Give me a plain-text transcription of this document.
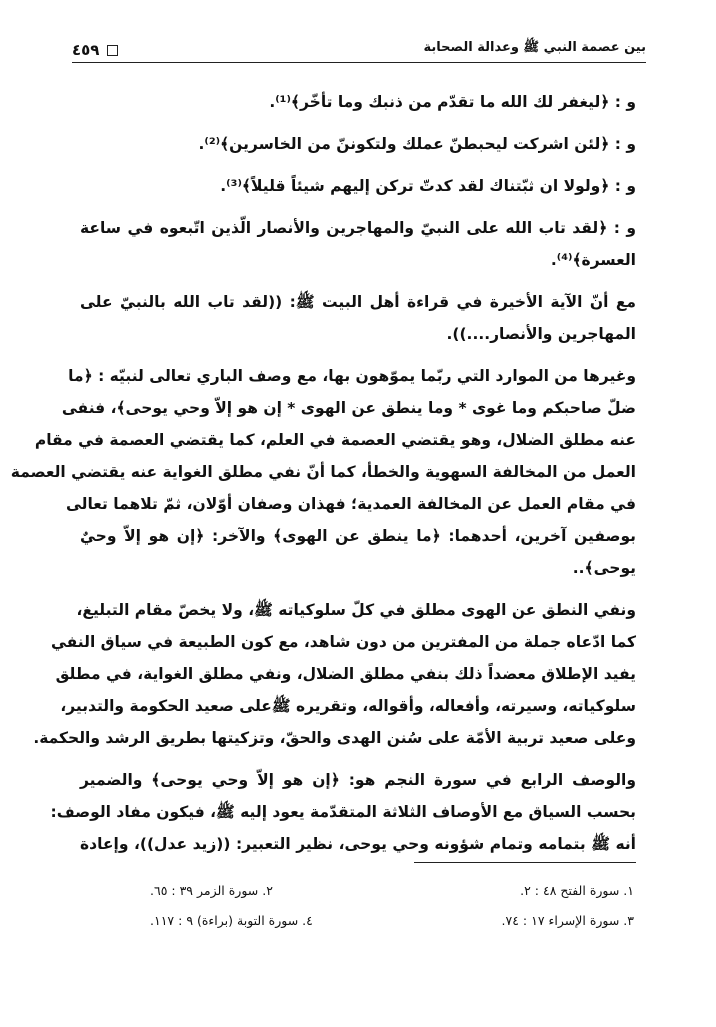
بين عصمة النبي ﷺ وعدالة الصحابة
٤٥٩
و : ﴿ليغفر لك الله ما تقدّم من ذنبك وما تأخّر﴾⁽¹⁾.
و : ﴿لئن اشركت ليحبطنّ عملك ولتكوننّ من الخاسرين﴾⁽²⁾.
و : ﴿ولولا ان ثبّتناك لقد كدتّ تركن إليهم شيئاً قليلاً﴾⁽³⁾.
و : ﴿لقد تاب الله على النبيّ والمهاجرين والأنصار الّذين اتّبعوه في ساعة
العسرة﴾⁽⁴⁾.
مع أنّ الآية الأخيرة في قراءة أهل البيت ﷺ: ((لقد تاب الله بالنبيّ على
المهاجرين والأنصار....)).
وغيرها من الموارد التي ربّما يموّهون بها، مع وصف الباري تعالى لنبيّه : ﴿ما
ضلّ صاحبكم وما غوى * وما ينطق عن الهوى * إن هو إلاّ وحي يوحى﴾، فنفى
عنه مطلق الضلال، وهو يقتضي العصمة في العلم، كما يقتضي العصمة في مقام
العمل من المخالفة السهوية والخطأ، كما أنّ نفي مطلق الغواية عنه يقتضي العصمة
في مقام العمل عن المخالفة العمدية؛ فهذان وصفان أوّلان، ثمّ تلاهما تعالى
بوصفين آخرين، أحدهما: ﴿ما ينطق عن الهوى﴾ والآخر: ﴿إن هو إلاّ وحيٌ
يوحى﴾..
ونفي النطق عن الهوى مطلق في كلّ سلوكياته ﷺ، ولا يخصّ مقام التبليغ،
كما ادّعاه جملة من المفترين من دون شاهد، مع كون الطبيعة في سياق النفي
يفيد الإطلاق معضداً ذلك بنفي مطلق الضلال، ونفي مطلق الغواية، في مطلق
سلوكياته، وسيرته، وأفعاله، وأقواله، وتقريره ﷺعلى صعيد الحكومة والتدبير،
وعلى صعيد تربية الأمّة على سُنن الهدى والحقّ، وتزكيتها بطريق الرشد والحكمة.
والوصف الرابع في سورة النجم هو: ﴿إن هو إلاّ وحي يوحى﴾ والضمير
بحسب السياق مع الأوصاف الثلاثة المتقدّمة يعود إليه ﷺ، فيكون مفاد الوصف:
أنه ﷺ بتمامه وتمام شؤونه وحي يوحى، نظير التعبير: ((زيد عدل))، وإعادة
١. سورة الفتح ٤٨ : ٢.
٢. سورة الزمر ٣٩ : ٦٥.
٣. سورة الإسراء ١٧ : ٧٤.
٤. سورة التوبة (براءة) ٩ : ١١٧.
